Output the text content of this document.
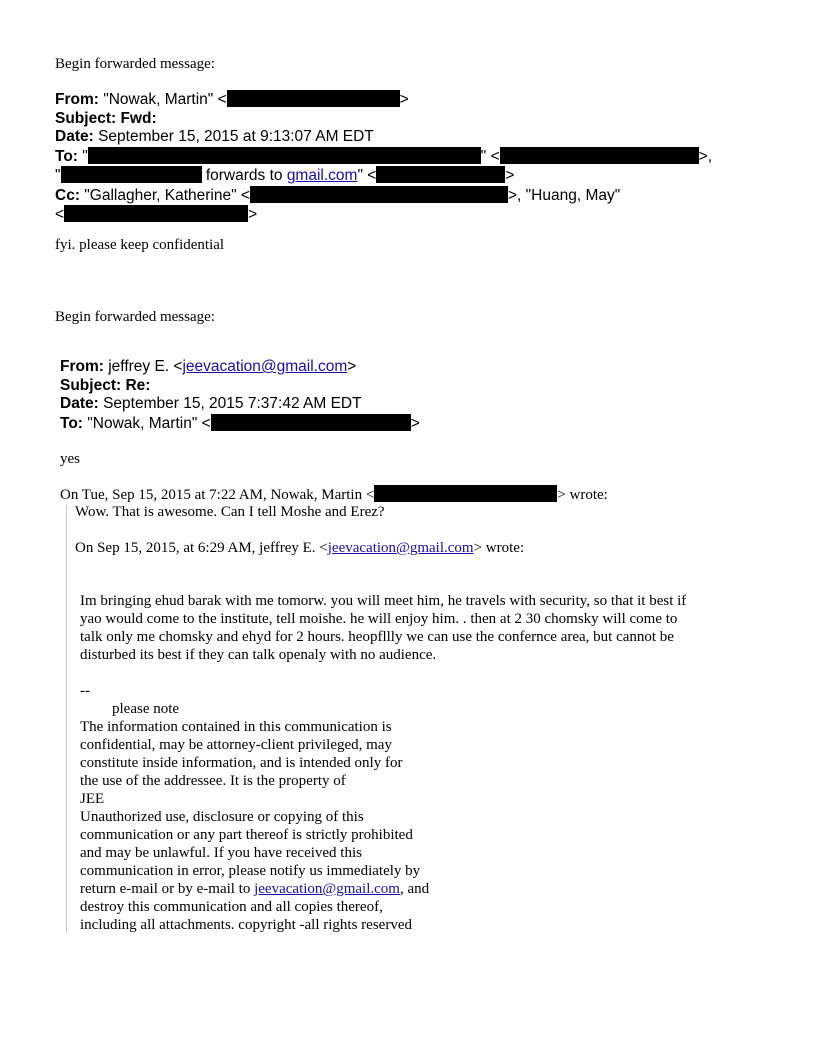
Begin forwarded message:
From: "Nowak, Martin" <	>
Subject: Fwd:
Date: September 15, 2015 at 9:13:07 AM EDT
To: "	" <	>,
"	forwards to gmail.com" <	>
Cc: "Gallagher, Katherine" <	>, "Huang, May"
<	>
fyi. please keep confidential
Begin forwarded message:
From: jeffrey E. <jeevacation@gmail.com>
Subject: Re:
Date: September 15, 2015 7:37:42 AM EDT
To: "Nowak, Martin" <	>
yes
On Tue, Sep 15, 2015 at 7:22 AM, Nowak, Martin <	> wrote:
Wow. That is awesome. Can I tell Moshe and Erez?
On Sep 15, 2015, at 6:29 AM, jeffrey E. <jeevacation@gmail.com> wrote:
Im bringing ehud barak with me tomorw. you will meet him, he travels with security, so that it best if
yao would come to the institute, tell moishe. he will enjoy him. . then at 2 30 chomsky will come to
talk only me chomsky and ehyd for 2 hours. heopfllly we can use the confernce area, but cannot be
disturbed its best if they can talk openaly with no audience.
--
please note
The information contained in this communication is
confidential, may be attorney-client privileged, may
constitute inside information, and is intended only for
the use of the addressee. It is the property of
JEE
Unauthorized use, disclosure or copying of this
communication or any part thereof is strictly prohibited
and may be unlawful. If you have received this
communication in error, please notify us immediately by
return e-mail or by e-mail to jeevacation@gmail.com, and
destroy this communication and all copies thereof,
including all attachments. copyright -all rights reserved
